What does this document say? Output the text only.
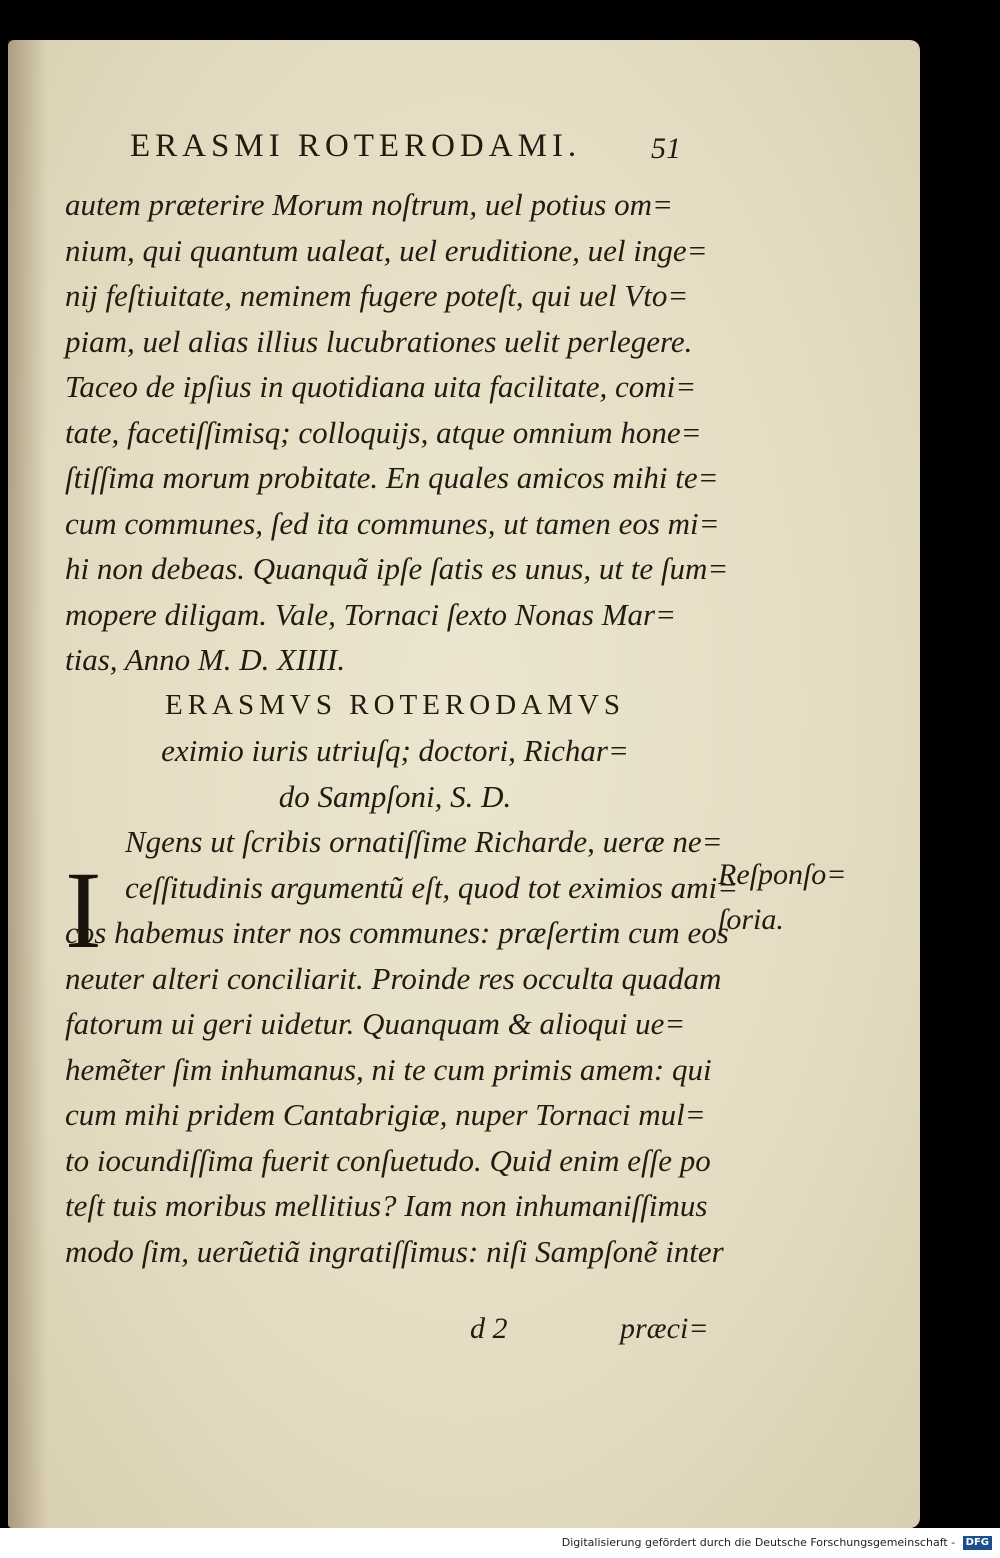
ERASMI ROTERODAMI. 51
autem præterire Morum noſtrum, uel potius om=
nium, qui quantum ualeat, uel eruditione, uel inge=
nij feſtiuitate, neminem fugere poteſt, qui uel Vto=
piam, uel alias illius lucubrationes uelit perlegere.
Taceo de ipſius in quotidiana uita facilitate, comi=
tate, facetiſſimisq; colloquijs, atque omnium hone=
ſtiſſima morum probitate. En quales amicos mihi te=
cum communes, ſed ita communes, ut tamen eos mi=
hi non debeas. Quanquã ipſe ſatis es unus, ut te ſum=
mopere diligam. Vale, Tornaci ſexto Nonas Mar=
tias, Anno M. D. XIIII.
ERASMVS ROTERODAMVS
eximio iuris utriuſq; doctori, Richar=
do Sampſoni, S. D.
Ngens ut ſcribis ornatiſſime Richarde, ueræ ne=
ceſſitudinis argumentũ eſt, quod tot eximios ami=
cos habemus inter nos communes: præſertim cum eos
neuter alteri conciliarit. Proinde res occulta quadam
fatorum ui geri uidetur. Quanquam & alioqui ue=
hemẽter ſim inhumanus, ni te cum primis amem: qui
cum mihi pridem Cantabrigiæ, nuper Tornaci mul=
to iocundiſſima fuerit conſuetudo. Quid enim eſſe po
teſt tuis moribus mellitius? Iam non inhumaniſſimus
modo ſim, uerũetiã ingratiſſimus: niſi Sampſonẽ inter
I	Reſponſo=
ſoria.
d 2	præci=
Digitalisierung gefördert durch die Deutsche Forschungsgemeinschaft - DFG
